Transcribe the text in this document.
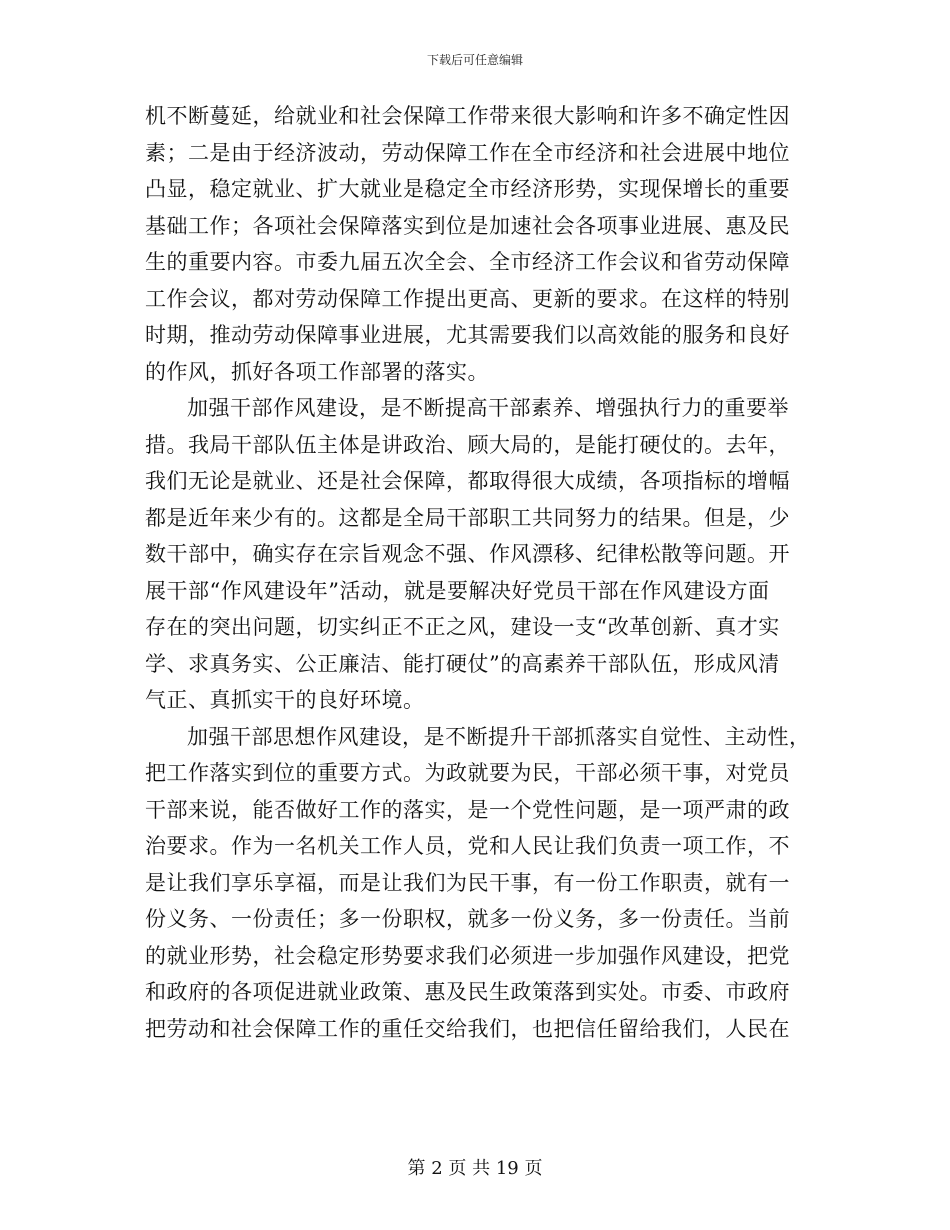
下载后可任意编辑
机不断蔓延，给就业和社会保障工作带来很大影响和许多不确定性因
素；二是由于经济波动，劳动保障工作在全市经济和社会进展中地位
凸显，稳定就业、扩大就业是稳定全市经济形势，实现保增长的重要
基础工作；各项社会保障落实到位是加速社会各项事业进展、惠及民
生的重要内容。市委九届五次全会、全市经济工作会议和省劳动保障
工作会议，都对劳动保障工作提出更高、更新的要求。在这样的特别
时期，推动劳动保障事业进展，尤其需要我们以高效能的服务和良好
的作风，抓好各项工作部署的落实。
加强干部作风建设，是不断提高干部素养、增强执行力的重要举
措。我局干部队伍主体是讲政治、顾大局的，是能打硬仗的。去年，
我们无论是就业、还是社会保障，都取得很大成绩，各项指标的增幅
都是近年来少有的。这都是全局干部职工共同努力的结果。但是，少
数干部中，确实存在宗旨观念不强、作风漂移、纪律松散等问题。开
展干部“作风建设年”活动，就是要解决好党员干部在作风建设方面
存在的突出问题，切实纠正不正之风，建设一支“改革创新、真才实
学、求真务实、公正廉洁、能打硬仗”的高素养干部队伍，形成风清
气正、真抓实干的良好环境。
加强干部思想作风建设，是不断提升干部抓落实自觉性、主动性，
把工作落实到位的重要方式。为政就要为民，干部必须干事，对党员
干部来说，能否做好工作的落实，是一个党性问题，是一项严肃的政
治要求。作为一名机关工作人员，党和人民让我们负责一项工作，不
是让我们享乐享福，而是让我们为民干事，有一份工作职责，就有一
份义务、一份责任；多一份职权，就多一份义务，多一份责任。当前
的就业形势，社会稳定形势要求我们必须进一步加强作风建设，把党
和政府的各项促进就业政策、惠及民生政策落到实处。市委、市政府
把劳动和社会保障工作的重任交给我们，也把信任留给我们，人民在
第 2 页 共 19 页
